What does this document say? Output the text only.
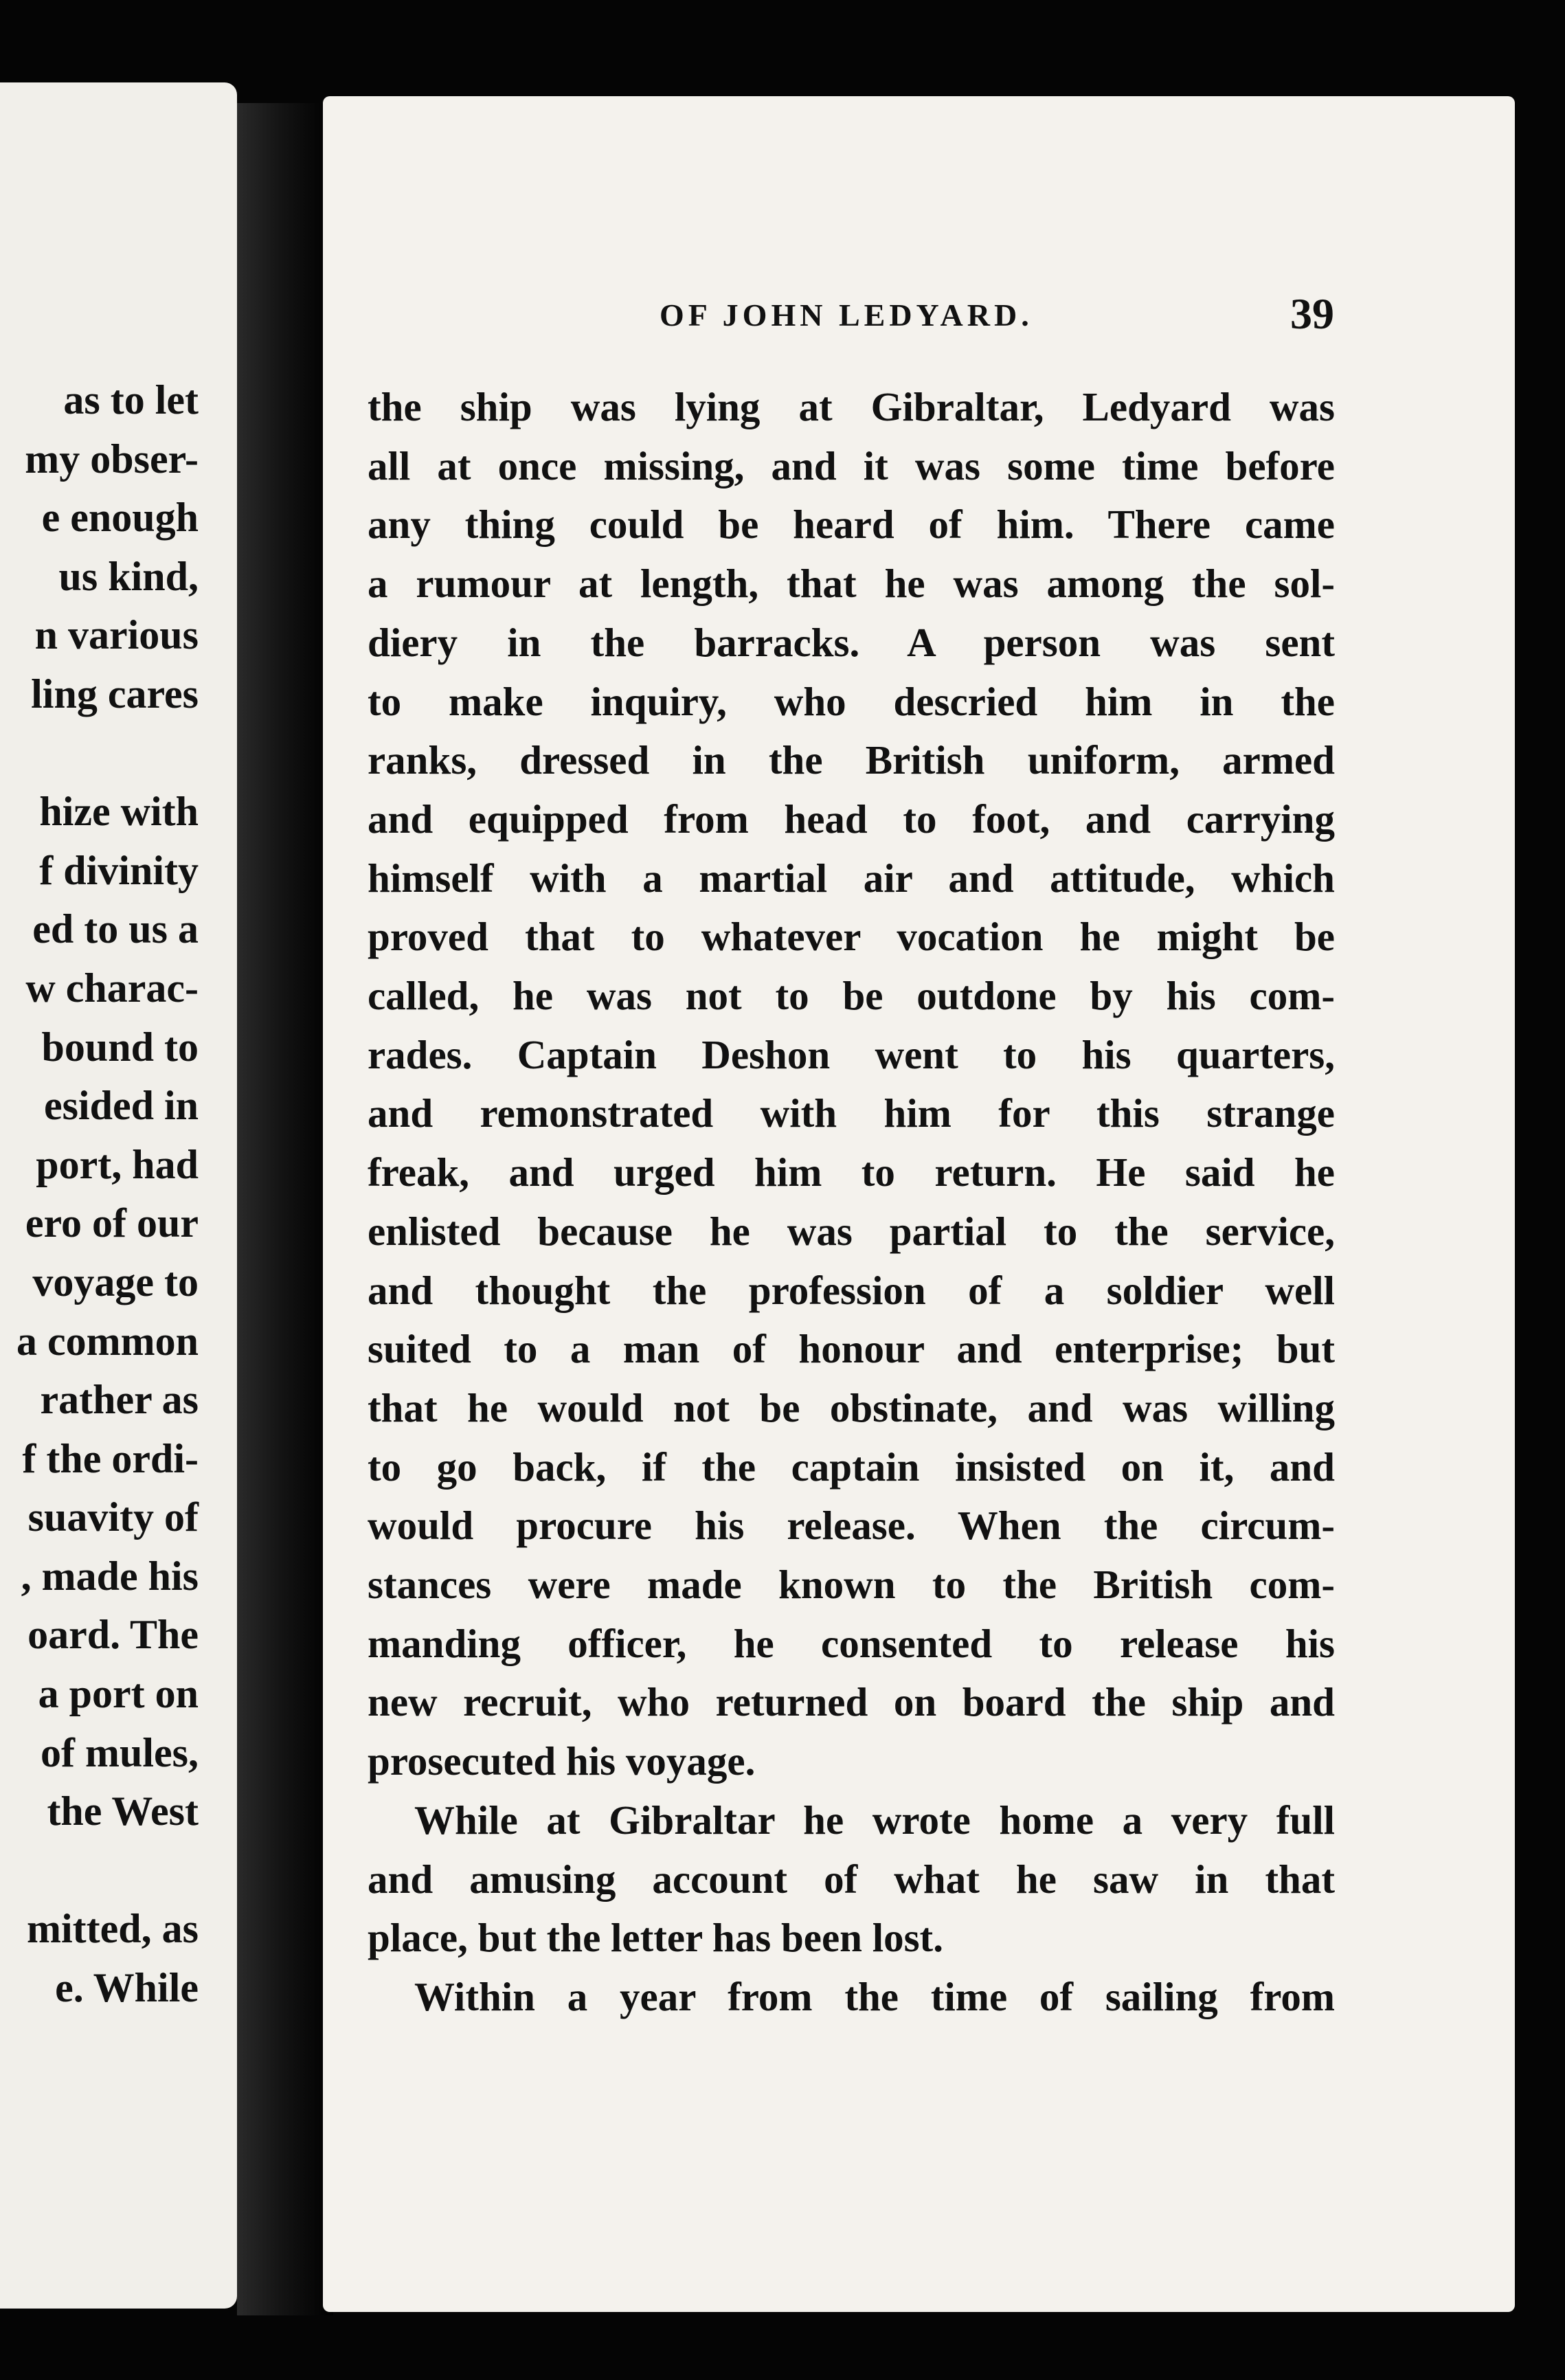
as to let
my obser-
e enough
us kind,
n various
ling cares

hize with
f divinity
ed to us a
w charac-
bound to
esided in
port, had
ero of our
voyage to
a common
rather as
f the ordi-
suavity of
, made his
oard. The
a port on
of mules,
the West

mitted, as
e. While
OF JOHN LEDYARD.	39
the ship was lying at Gibraltar, Ledyard was
all at once missing, and it was some time before
any thing could be heard of him. There came
a rumour at length, that he was among the sol-
diery in the barracks. A person was sent
to make inquiry, who descried him in the
ranks, dressed in the British uniform, armed
and equipped from head to foot, and carrying
himself with a martial air and attitude, which
proved that to whatever vocation he might be
called, he was not to be outdone by his com-
rades. Captain Deshon went to his quarters,
and remonstrated with him for this strange
freak, and urged him to return. He said he
enlisted because he was partial to the service,
and thought the profession of a soldier well
suited to a man of honour and enterprise; but
that he would not be obstinate, and was willing
to go back, if the captain insisted on it, and
would procure his release. When the circum-
stances were made known to the British com-
manding officer, he consented to release his
new recruit, who returned on board the ship and
prosecuted his voyage.
While at Gibraltar he wrote home a very full
and amusing account of what he saw in that
place, but the letter has been lost.
Within a year from the time of sailing from
